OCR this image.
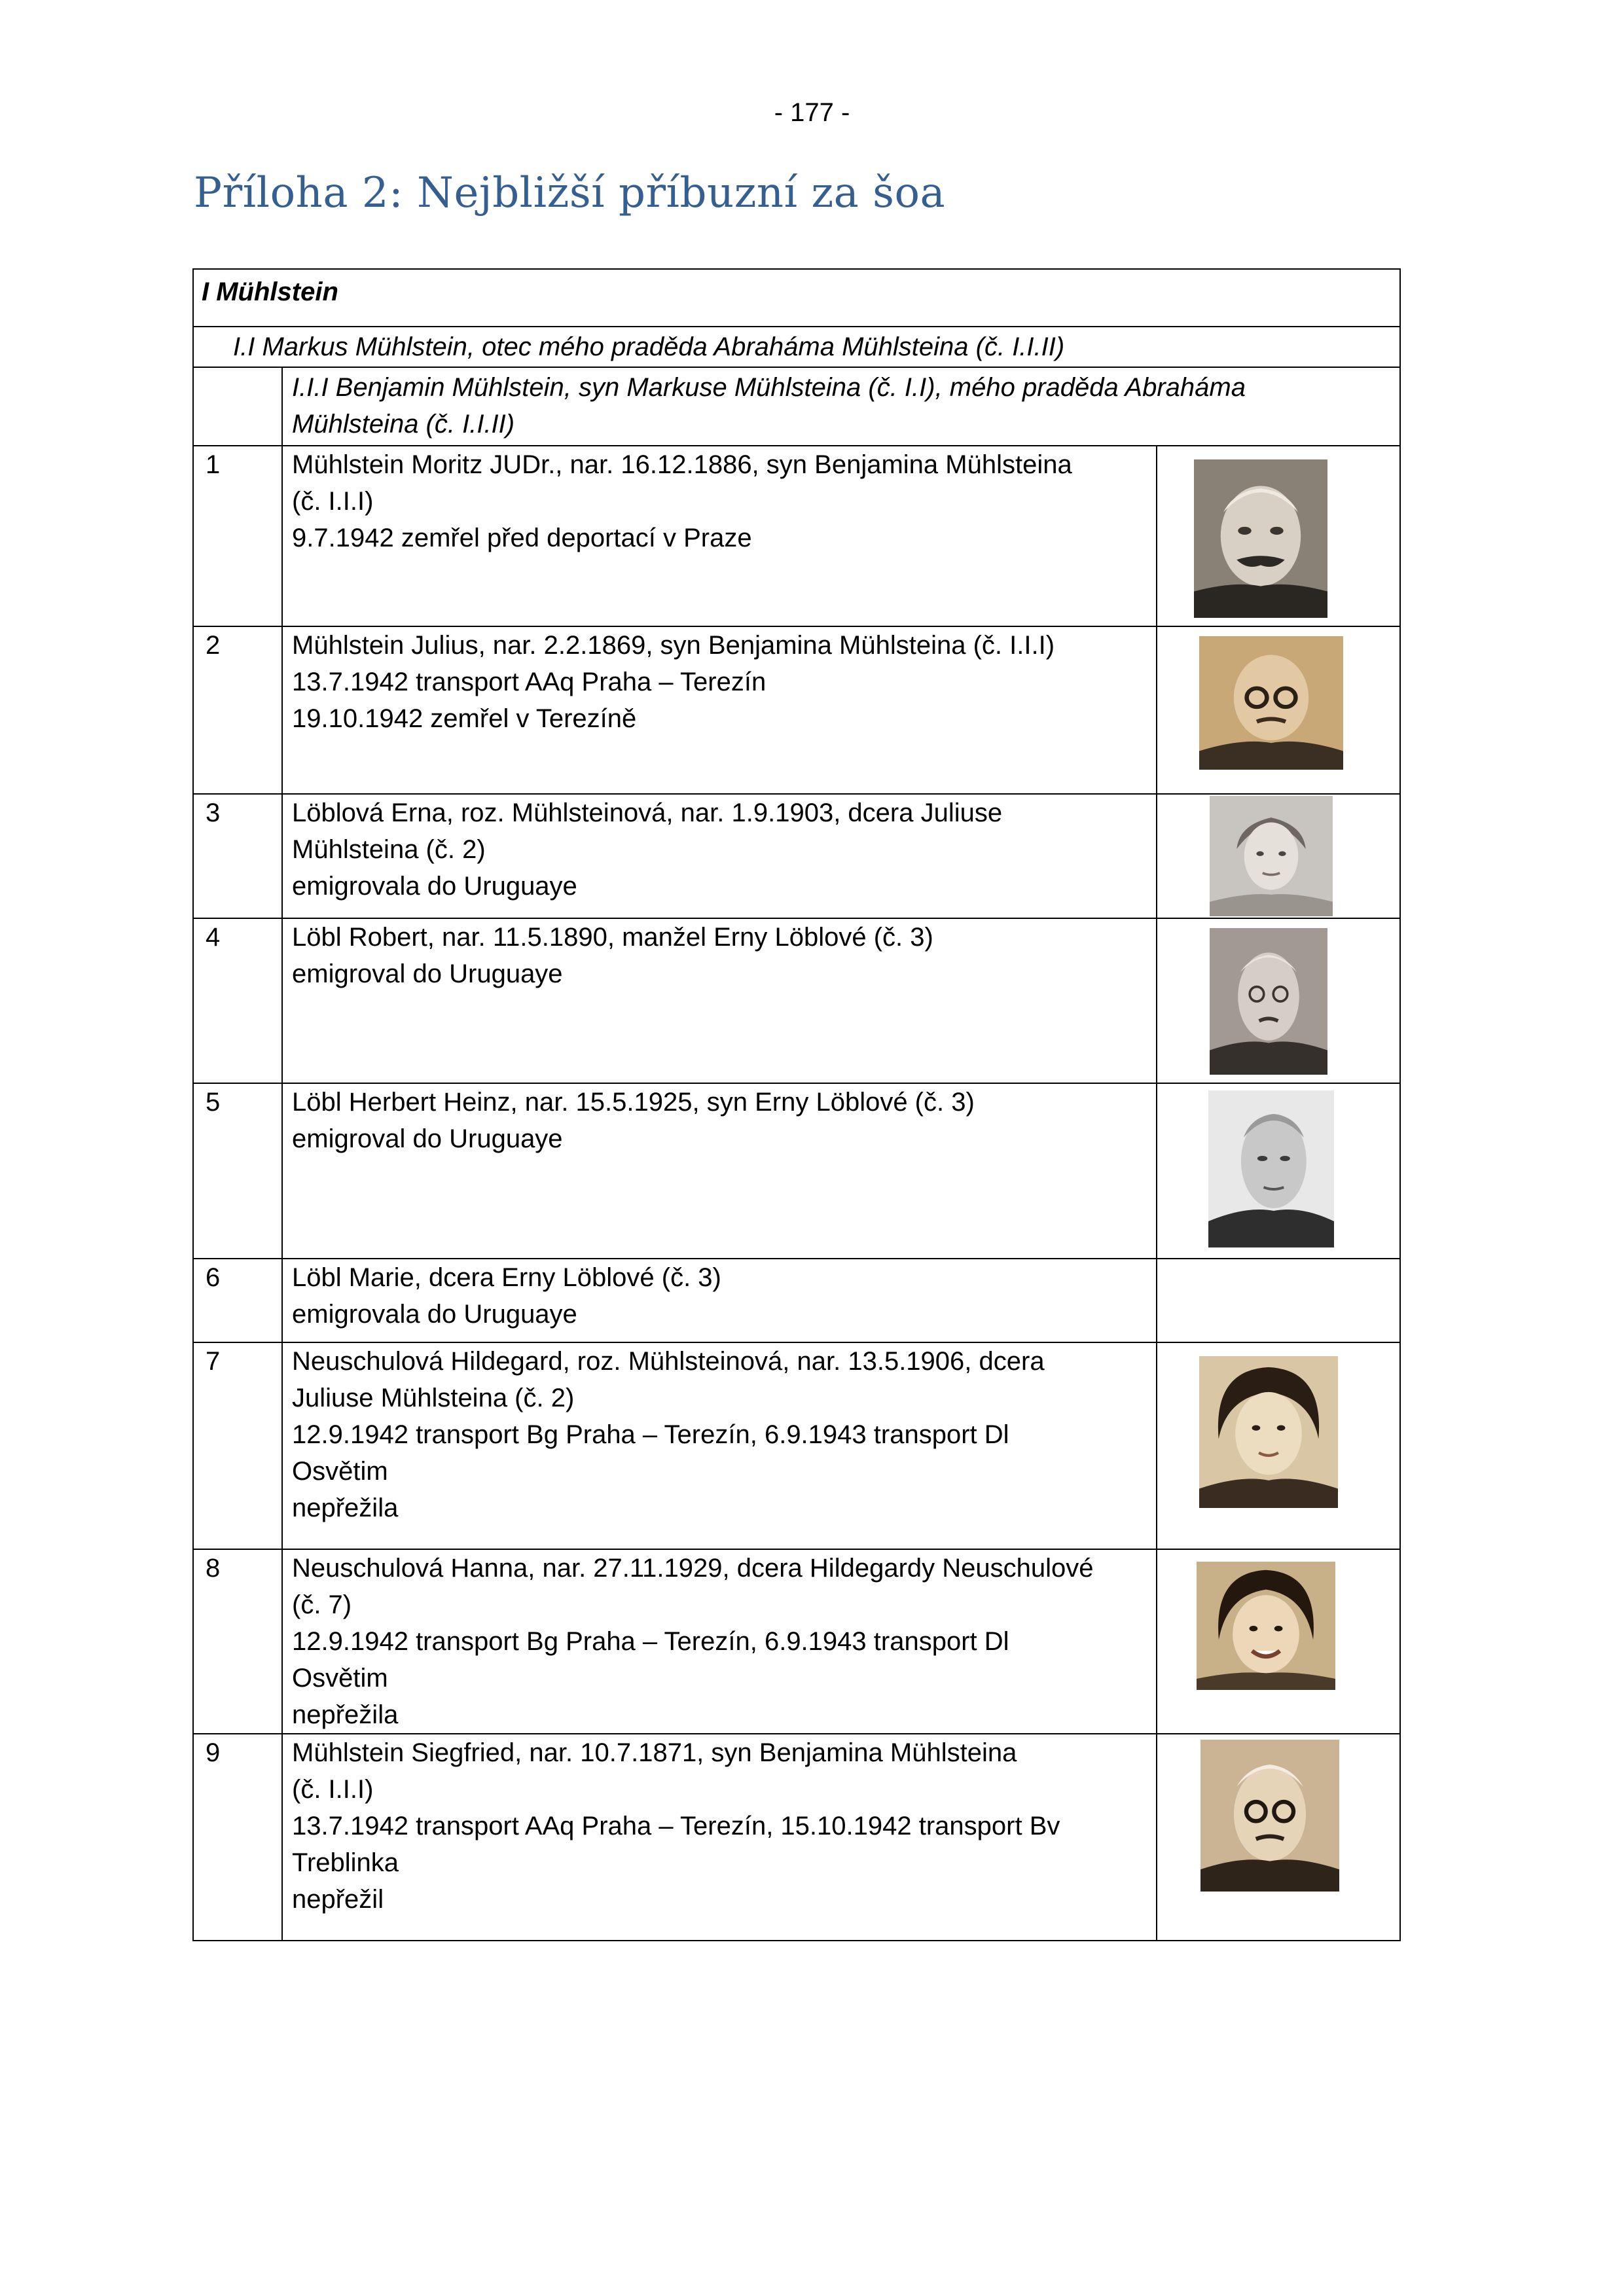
- 177 -
Příloha 2: Nejbližší příbuzní za šoa
I Mühlstein		
I.I Markus Mühlstein, otec mého praděda Abraháma Mühlsteina (č. I.I.II)		

	I.I.I Benjamin Mühlstein, syn Markuse Mühlsteina (č. I.I), mého praděda Abraháma
Mühlsteina (č. I.I.II)	

1	Mühlstein Moritz JUDr., nar. 16.12.1886, syn Benjamina Mühlsteina
(č. I.I.I)
9.7.1942 zemřel před deportací v Praze

2	Mühlstein Julius, nar. 2.2.1869, syn Benjamina Mühlsteina (č. I.I.I)
13.7.1942 transport AAq Praha – Terezín
19.10.1942 zemřel v Terezíně

3	Löblová Erna, roz. Mühlsteinová, nar. 1.9.1903, dcera Juliuse
Mühlsteina (č. 2)
emigrovala do Uruguaye

4	Löbl Robert, nar. 11.5.1890, manžel Erny Löblové (č. 3)
emigroval do Uruguaye

5	Löbl Herbert Heinz, nar. 15.5.1925, syn Erny Löblové (č. 3)
emigroval do Uruguaye

6	Löbl Marie, dcera Erny Löblové (č. 3)
emigrovala do Uruguaye	

7	Neuschulová Hildegard, roz. Mühlsteinová, nar. 13.5.1906, dcera
Juliuse Mühlsteina (č. 2)
12.9.1942 transport Bg Praha – Terezín, 6.9.1943 transport Dl
Osvětim
nepřežila

8	Neuschulová Hanna, nar. 27.11.1929, dcera Hildegardy Neuschulové
(č. 7)
12.9.1942 transport Bg Praha – Terezín, 6.9.1943 transport Dl
Osvětim
nepřežila

9	Mühlstein Siegfried, nar. 10.7.1871, syn Benjamina Mühlsteina
(č. I.I.I)
13.7.1942 transport AAq Praha – Terezín, 15.10.1942 transport Bv
Treblinka
nepřežil
